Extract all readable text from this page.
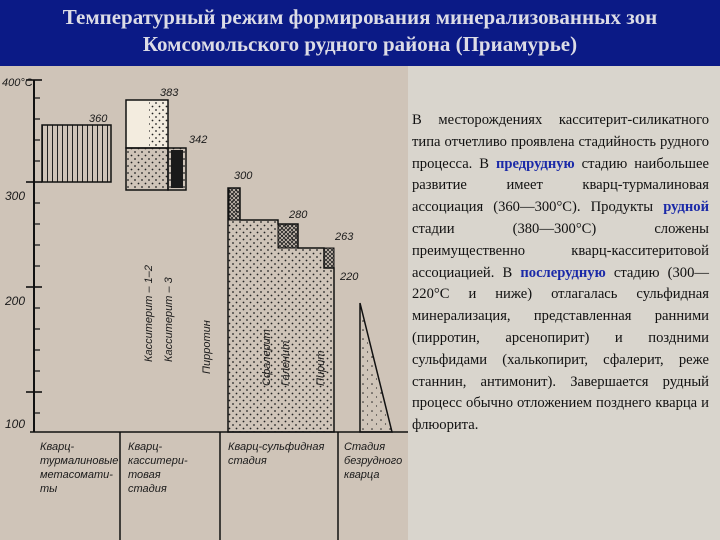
Температурный режим формирования минерализованных зон
Комсомольского рудного района (Приамурье)
400°С
300
200
100
360
383
342
300
280
263
220
Касситерит – 1–2 Касситерит – 3 Пирротин	Сфалерит Галенит Пирит
Кварц- турмалиновые метасомати- ты
Кварц- касситери- товая стадия
Кварц-сульфидная стадия
Стадия безрудного кварца
В месторождениях касситерит-силикатного типа отчетливо проявлена стадийность рудного процесса. В предрудную стадию наибольшее развитие имеет кварц-турмалиновая ассоциация (360—300°С). Продукты рудной стадии (380—300°С) сложены преимущественно кварц-касситеритовой ассоциацией. В послерудную стадию (300—220°С и ниже) отлагалась сульфидная минерализация, представленная ранними (пирротин, арсенопирит) и поздними сульфидами (халькопирит, сфалерит, реже станнин, антимонит). Завершается рудный процесс обычно отложением позднего кварца и флюорита.
